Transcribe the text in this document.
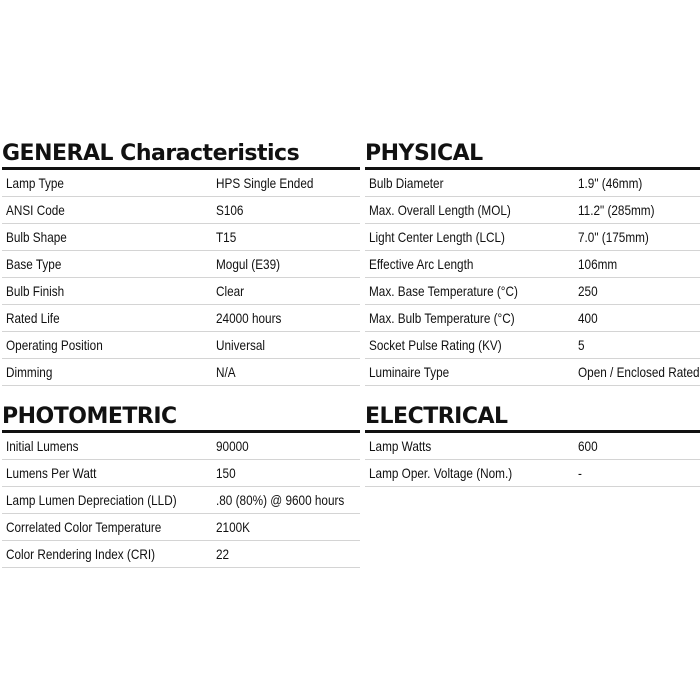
GENERAL Characteristics
Lamp Type	HPS Single Ended
ANSI Code	S106
Bulb Shape	T15
Base Type	Mogul (E39)
Bulb Finish	Clear
Rated Life	24000 hours
Operating Position	Universal
Dimming	N/A
PHYSICAL
Bulb Diameter	1.9" (46mm)
Max. Overall Length (MOL)	11.2" (285mm)
Light Center Length (LCL)	7.0" (175mm)
Effective Arc Length	106mm
Max. Base Temperature (°C)	250
Max. Bulb Temperature (°C)	400
Socket Pulse Rating (KV)	5
Luminaire Type	Open / Enclosed Rated
PHOTOMETRIC
Initial Lumens	90000
Lumens Per Watt	150
Lamp Lumen Depreciation (LLD)	.80 (80%) @ 9600 hours
Correlated Color Temperature	2100K
Color Rendering Index (CRI)	22
ELECTRICAL
Lamp Watts	600
Lamp Oper. Voltage (Nom.)	-
